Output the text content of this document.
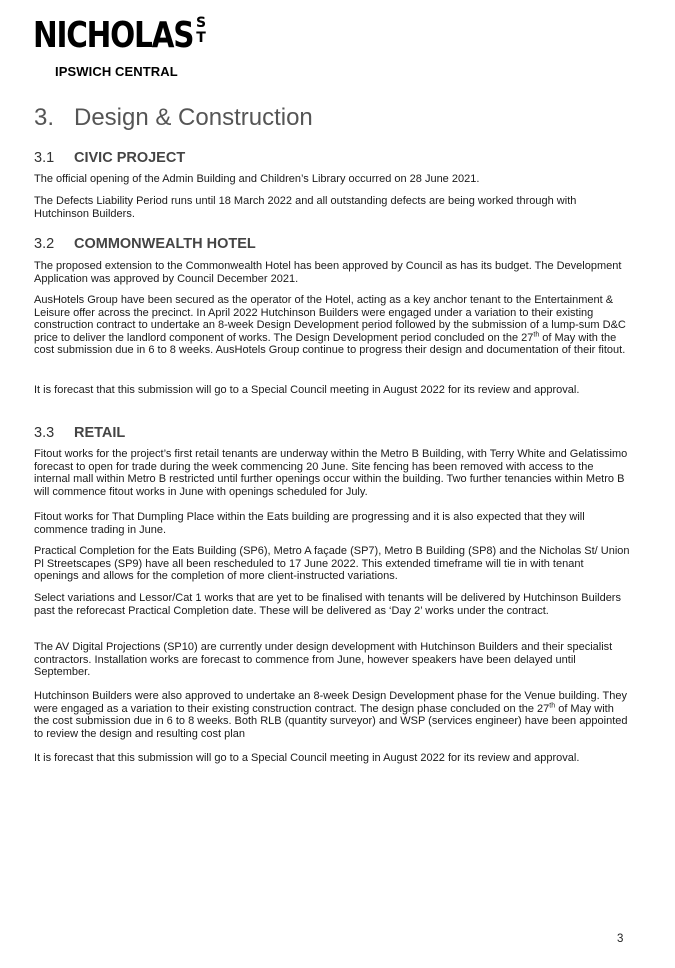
NICHOLAS S
T
IPSWICH CENTRAL
3. Design & Construction
3.1 CIVIC PROJECT
The official opening of the Admin Building and Children’s Library occurred on 28 June 2021.
The Defects Liability Period runs until 18 March 2022 and all outstanding defects are being worked through with Hutchinson Builders.
3.2 COMMONWEALTH HOTEL
The proposed extension to the Commonwealth Hotel has been approved by Council as has its budget. The Development Application was approved by Council December 2021.
AusHotels Group have been secured as the operator of the Hotel, acting as a key anchor tenant to the Entertainment & Leisure offer across the precinct. In April 2022 Hutchinson Builders were engaged under a variation to their existing construction contract to undertake an 8-week Design Development period followed by the submission of a lump-sum D&C price to deliver the landlord component of works. The Design Development period concluded on the 27th of May with the cost submission due in 6 to 8 weeks. AusHotels Group continue to progress their design and documentation of their fitout.
It is forecast that this submission will go to a Special Council meeting in August 2022 for its review and approval.
3.3 RETAIL
Fitout works for the project’s first retail tenants are underway within the Metro B Building, with Terry White and Gelatissimo forecast to open for trade during the week commencing 20 June. Site fencing has been removed with access to the internal mall within Metro B restricted until further openings occur within the building. Two further tenancies within Metro B will commence fitout works in June with openings scheduled for July.
Fitout works for That Dumpling Place within the Eats building are progressing and it is also expected that they will commence trading in June.
Practical Completion for the Eats Building (SP6), Metro A façade (SP7), Metro B Building (SP8) and the Nicholas St/ Union Pl Streetscapes (SP9) have all been rescheduled to 17 June 2022. This extended timeframe will tie in with tenant openings and allows for the completion of more client-instructed variations.
Select variations and Lessor/Cat 1 works that are yet to be finalised with tenants will be delivered by Hutchinson Builders past the reforecast Practical Completion date. These will be delivered as ‘Day 2’ works under the contract.
The AV Digital Projections (SP10) are currently under design development with Hutchinson Builders and their specialist contractors. Installation works are forecast to commence from June, however speakers have been delayed until September.
Hutchinson Builders were also approved to undertake an 8-week Design Development phase for the Venue building. They were engaged as a variation to their existing construction contract. The design phase concluded on the 27th of May with the cost submission due in 6 to 8 weeks. Both RLB (quantity surveyor) and WSP (services engineer) have been appointed to review the design and resulting cost plan
It is forecast that this submission will go to a Special Council meeting in August 2022 for its review and approval.
3
